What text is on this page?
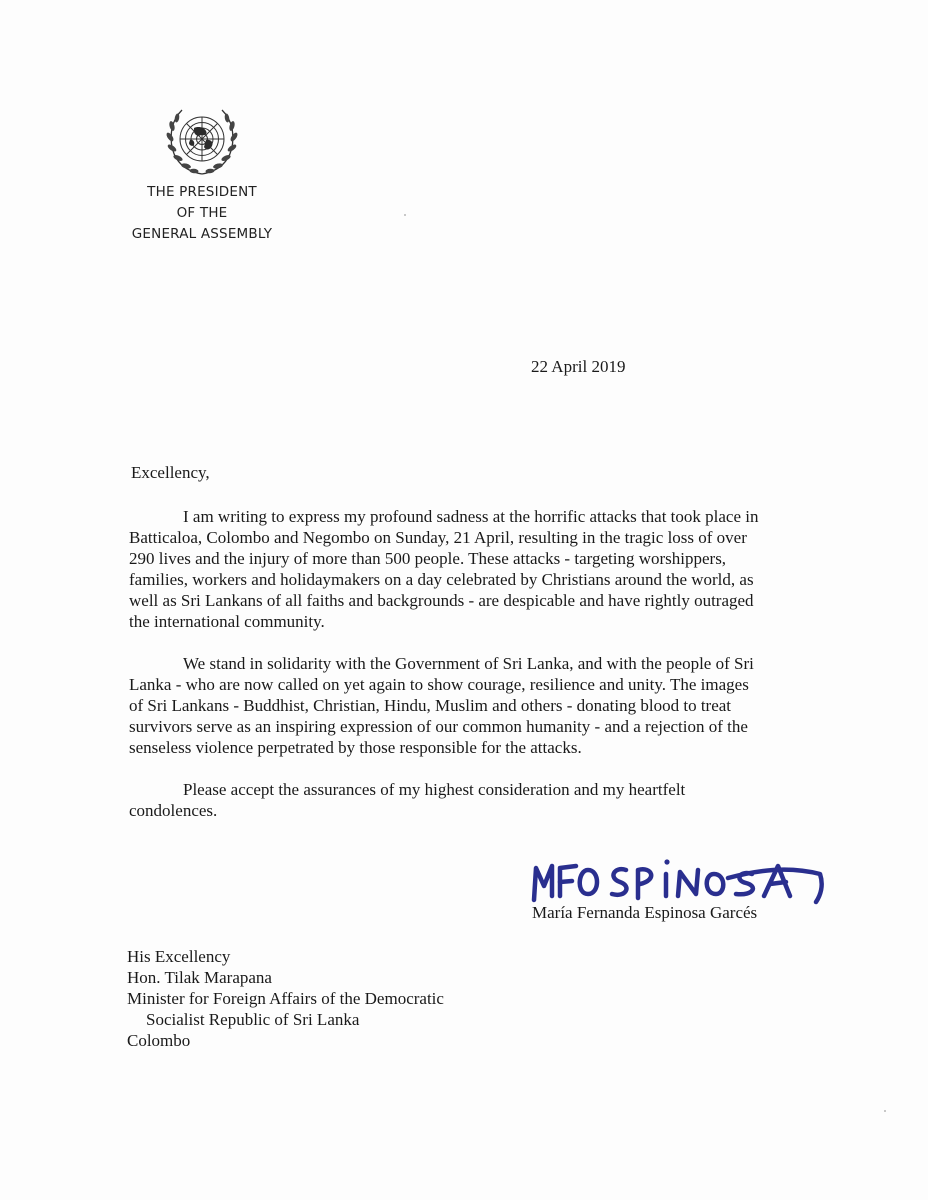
THE PRESIDENT
OF THE
GENERAL ASSEMBLY
22 April 2019
Excellency,

I am writing to express my profound sadness at the horrific attacks that took place in
Batticaloa, Colombo and Negombo on Sunday, 21 April, resulting in the tragic loss of over
290 lives and the injury of more than 500 people. These attacks - targeting worshippers,
families, workers and holidaymakers on a day celebrated by Christians around the world, as
well as Sri Lankans of all faiths and backgrounds - are despicable and have rightly outraged
the international community.

We stand in solidarity with the Government of Sri Lanka, and with the people of Sri
Lanka - who are now called on yet again to show courage, resilience and unity. The images
of Sri Lankans - Buddhist, Christian, Hindu, Muslim and others - donating blood to treat
survivors serve as an inspiring expression of our common humanity - and a rejection of the
senseless violence perpetrated by those responsible for the attacks.

Please accept the assurances of my highest consideration and my heartfelt
condolences.

María Fernanda Espinosa Garcés
His Excellency
Hon. Tilak Marapana
Minister for Foreign Affairs of the Democratic
Socialist Republic of Sri Lanka
Colombo
